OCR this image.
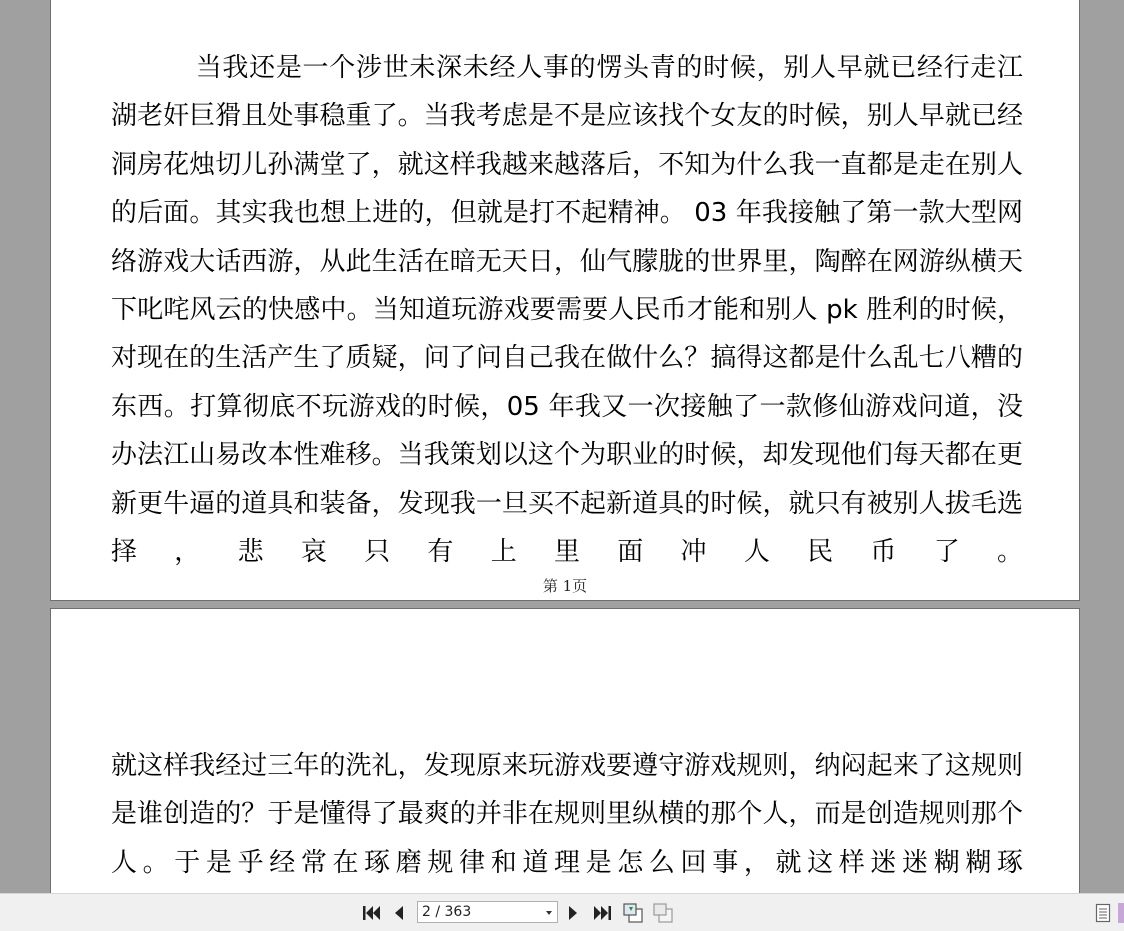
当我还是一个涉世未深未经人事的愣头青的时候，别人早就已经行走江湖老奸巨猾且处事稳重了。当我考虑是不是应该找个女友的时候，别人早就已经洞房花烛切儿孙满堂了，就这样我越来越落后，不知为什么我一直都是走在别人的后面。其实我也想上进的，但就是打不起精神。 03 年我接触了第一款大型网络游戏大话西游，从此生活在暗无天日，仙气朦胧的世界里，陶醉在网游纵横天下叱咤风云的快感中。当知道玩游戏要需要人民币才能和别人 pk 胜利的时候，对现在的生活产生了质疑，问了问自己我在做什么？搞得这都是什么乱七八糟的东西。打算彻底不玩游戏的时候，05 年我又一次接触了一款修仙游戏问道，没办法江山易改本性难移。当我策划以这个为职业的时候，却发现他们每天都在更新更牛逼的道具和装备，发现我一旦买不起新道具的时候，就只有被别人拔毛选择，悲哀只有上里面冲人民币了。

第 1页

就这样我经过三年的洗礼，发现原来玩游戏要遵守游戏规则，纳闷起来了这规则是谁创造的？于是懂得了最爽的并非在规则里纵横的那个人，而是创造规则那个人。于是乎经常在琢磨规律和道理是怎么回事，就这样迷迷糊糊琢

2 / 363
